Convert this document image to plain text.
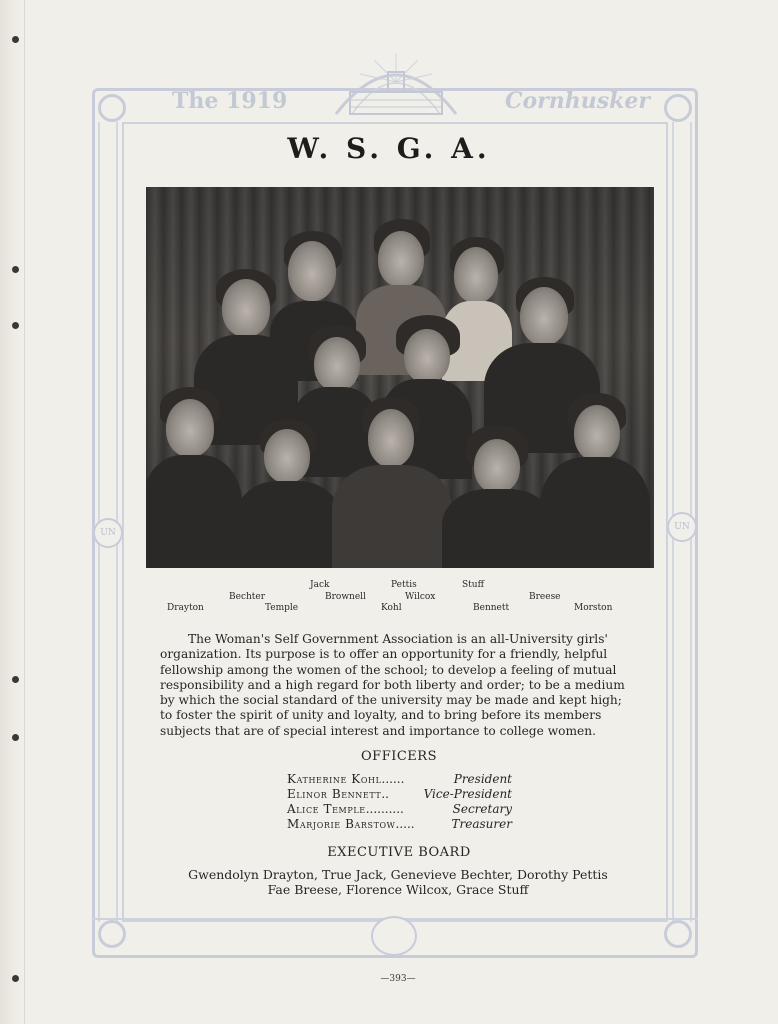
UN
UN
The 1919	Cornhusker
W. S. G. A.
Drayton
Bechter
Temple
Jack
Brownell
Pettis
Wilcox
Kohl
Stuff
Bennett
Breese
Morston
The Woman's Self Government Association is an all-University girls'
organization. Its purpose is to offer an opportunity for a friendly, helpful
fellowship among the women of the school; to develop a feeling of mutual
responsibility and a high regard for both liberty and order; to be a medium
by which the social standard of the university may be made and kept high;
to foster the spirit of unity and loyalty, and to bring before its members
subjects that are of special interest and importance to college women.
OFFICERS
Katherine Kohl......	President
Elinor Bennett..	Vice-President
Alice Temple..........	Secretary
Marjorie Barstow.....	Treasurer
EXECUTIVE BOARD
Gwendolyn Drayton, True Jack, Genevieve Bechter, Dorothy Pettis
Fae Breese, Florence Wilcox, Grace Stuff
—393—
